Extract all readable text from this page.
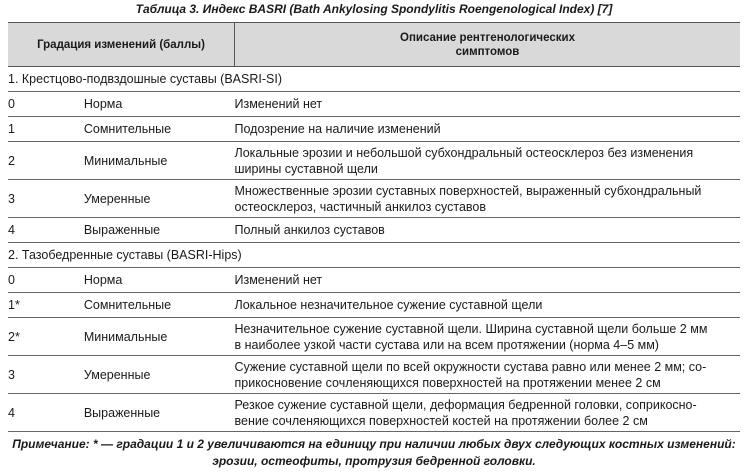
Таблица 3. Индекс BASRI (Bath Ankylosing Spondylitis Roengenological Index) [7]
Градация изменений (баллы)		Описание рентгенологических
симптомов
1. Крестцово-подвздошные суставы (BASRI-SI)		
0	Норма	Изменений нет
1	Сомнительные	Подозрение на наличие изменений
2	Минимальные	Локальные эрозии и небольшой субхондральный остеосклероз без изменения
ширины суставной щели
3	Умеренные	Множественные эрозии суставных поверхностей, выраженный субхондральный
остеосклероз, частичный анкилоз суставов
4	Выраженные	Полный анкилоз суставов
2. Тазобедренные суставы (BASRI-Hips)		
0	Норма	Изменений нет
1*	Сомнительные	Локальное незначительное сужение суставной щели
2*	Минимальные	Незначительное сужение суставной щели. Ширина суставной щели больше 2 мм
в наиболее узкой части сустава или на всем протяжении (норма 4–5 мм)
3	Умеренные	Сужение суставной щели по всей окружности сустава равно или менее 2 мм; со-
прикосновение сочленяющихся поверхностей на протяжении менее 2 см
4	Выраженные	Резкое сужение суставной щели, деформация бедренной головки, соприкосно-
вение сочленяющихся поверхностей костей на протяжении более 2 см
Примечание: * — градации 1 и 2 увеличиваются на единицу при наличии любых двух следующих костных изменений:
эрозии, остеофиты, протрузия бедренной головки.
